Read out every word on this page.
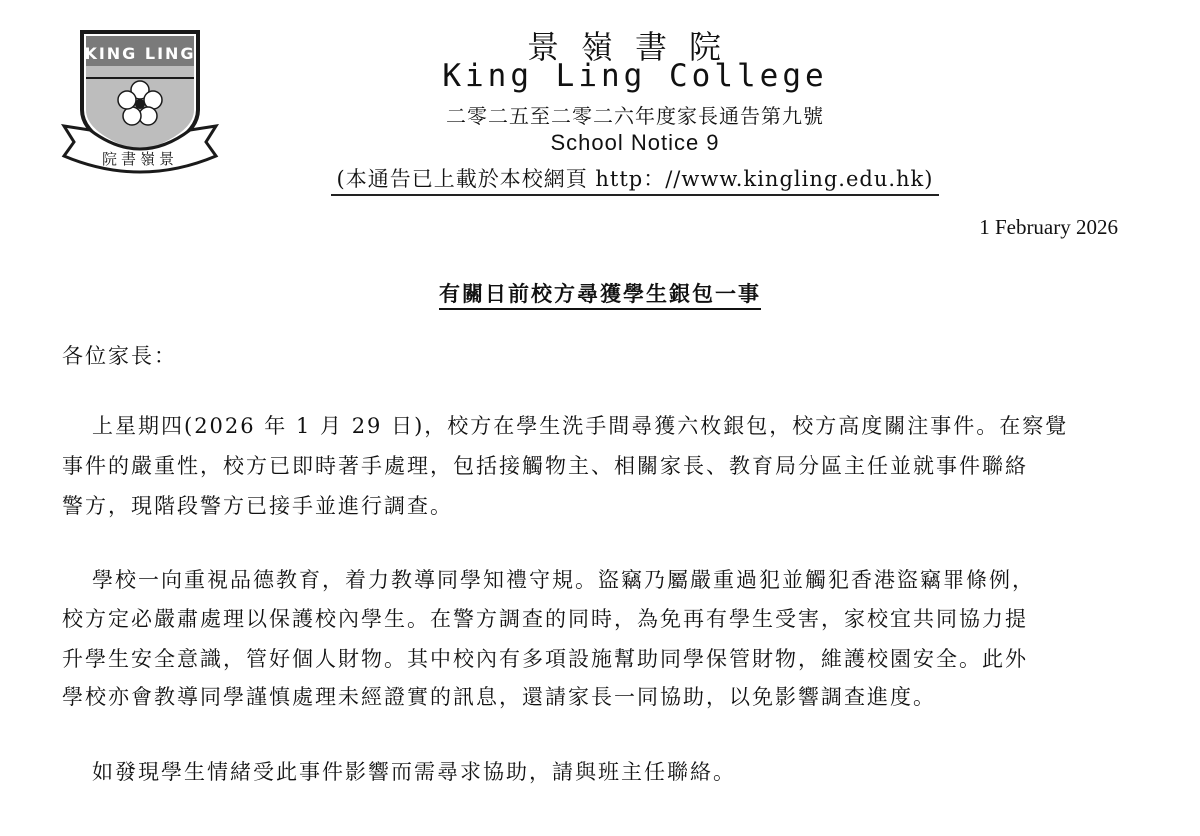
KING LING
院書嶺景
景嶺書院
King Ling College
二零二五至二零二六年度家長通告第九號
School Notice 9
(本通告已上載於本校網頁 http：//www.kingling.edu.hk)
1 February 2026
有關日前校方尋獲學生銀包一事
各位家長：
上星期四(2026 年 1 月 29 日)，校方在學生洗手間尋獲六枚銀包，校方高度關注事件。在察覺
事件的嚴重性，校方已即時著手處理，包括接觸物主、相關家長、教育局分區主任並就事件聯絡
警方，現階段警方已接手並進行調查。
學校一向重視品德教育，着力教導同學知禮守規。盜竊乃屬嚴重過犯並觸犯香港盜竊罪條例，
校方定必嚴肅處理以保護校內學生。在警方調查的同時，為免再有學生受害，家校宜共同協力提
升學生安全意識，管好個人財物。其中校內有多項設施幫助同學保管財物，維護校園安全。此外
學校亦會教導同學謹慎處理未經證實的訊息，還請家長一同協助，以免影響調查進度。
如發現學生情緒受此事件影響而需尋求協助，請與班主任聯絡。
